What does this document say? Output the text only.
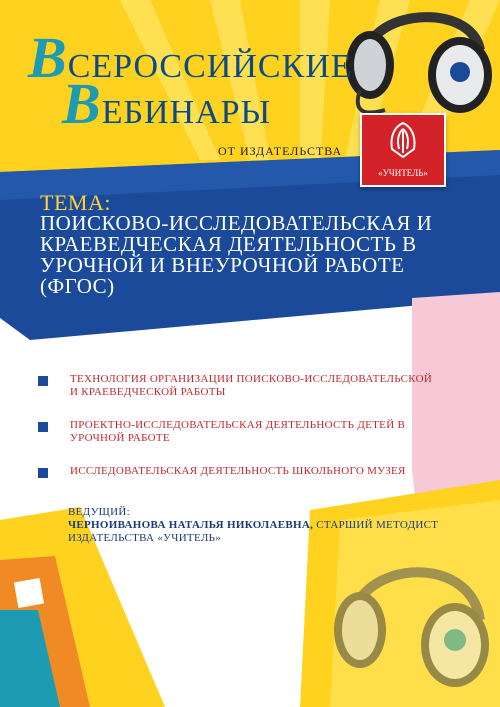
ВСЕРОССИЙСКИЕ
ВЕБИНАРЫ
ОТ ИЗДАТЕЛЬСТВА
«УЧИТЕЛЬ»
ТЕМА:
ПОИСКОВО-ИССЛЕДОВАТЕЛЬСКАЯ И КРАЕВЕДЧЕСКАЯ ДЕЯТЕЛЬНОСТЬ В УРОЧНОЙ И ВНЕУРОЧНОЙ РАБОТЕ (ФГОС)
ТЕХНОЛОГИЯ ОРГАНИЗАЦИИ ПОИСКОВО-ИССЛЕДОВАТЕЛЬСКОЙ И КРАЕВЕДЧЕСКОЙ РАБОТЫ
ПРОЕКТНО-ИССЛЕДОВАТЕЛЬСКАЯ ДЕЯТЕЛЬНОСТЬ ДЕТЕЙ В УРОЧНОЙ РАБОТЕ
ИССЛЕДОВАТЕЛЬСКАЯ ДЕЯТЕЛЬНОСТЬ ШКОЛЬНОГО МУЗЕЯ
ВЕДУЩИЙ:
ЧЕРНОИВАНОВА НАТАЛЬЯ НИКОЛАЕВНА, СТАРШИЙ МЕТОДИСТ ИЗДАТЕЛЬСТВА «УЧИТЕЛЬ»
